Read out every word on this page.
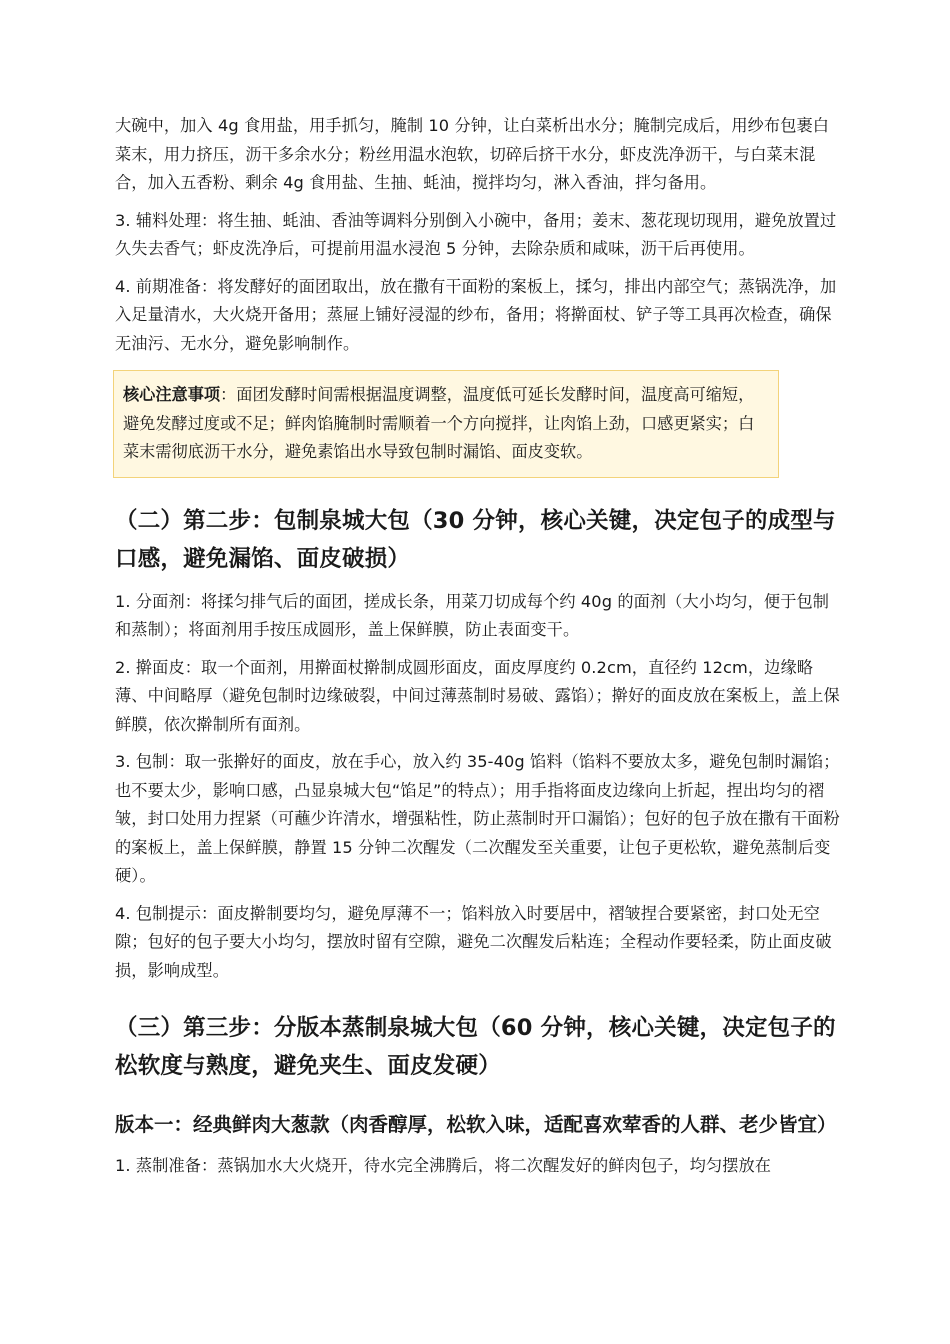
大碗中，加入 4g 食用盐，用手抓匀，腌制 10 分钟，让白菜析出水分；腌制完成后，用纱布包裹白菜末，用力挤压，沥干多余水分；粉丝用温水泡软，切碎后挤干水分，虾皮洗净沥干，与白菜末混合，加入五香粉、剩余 4g 食用盐、生抽、蚝油，搅拌均匀，淋入香油，拌匀备用。

3. 辅料处理：将生抽、蚝油、香油等调料分别倒入小碗中，备用；姜末、葱花现切现用，避免放置过久失去香气；虾皮洗净后，可提前用温水浸泡 5 分钟，去除杂质和咸味，沥干后再使用。

4. 前期准备：将发酵好的面团取出，放在撒有干面粉的案板上，揉匀，排出内部空气；蒸锅洗净，加入足量清水，大火烧开备用；蒸屉上铺好浸湿的纱布，备用；将擀面杖、铲子等工具再次检查，确保无油污、无水分，避免影响制作。

核心注意事项：面团发酵时间需根据温度调整，温度低可延长发酵时间，温度高可缩短，避免发酵过度或不足；鲜肉馅腌制时需顺着一个方向搅拌，让肉馅上劲，口感更紧实；白菜末需彻底沥干水分，避免素馅出水导致包制时漏馅、面皮变软。
（二）第二步：包制泉城大包（30 分钟，核心关键，决定包子的成型与口感，避免漏馅、面皮破损）

1. 分面剂：将揉匀排气后的面团，搓成长条，用菜刀切成每个约 40g 的面剂（大小均匀，便于包制和蒸制）；将面剂用手按压成圆形，盖上保鲜膜，防止表面变干。

2. 擀面皮：取一个面剂，用擀面杖擀制成圆形面皮，面皮厚度约 0.2cm，直径约 12cm，边缘略薄、中间略厚（避免包制时边缘破裂，中间过薄蒸制时易破、露馅）；擀好的面皮放在案板上，盖上保鲜膜，依次擀制所有面剂。

3. 包制：取一张擀好的面皮，放在手心，放入约 35-40g 馅料（馅料不要放太多，避免包制时漏馅；也不要太少，影响口感，凸显泉城大包“馅足”的特点）；用手指将面皮边缘向上折起，捏出均匀的褶皱，封口处用力捏紧（可蘸少许清水，增强粘性，防止蒸制时开口漏馅）；包好的包子放在撒有干面粉的案板上，盖上保鲜膜，静置 15 分钟二次醒发（二次醒发至关重要，让包子更松软，避免蒸制后变硬）。

4. 包制提示：面皮擀制要均匀，避免厚薄不一；馅料放入时要居中，褶皱捏合要紧密，封口处无空隙；包好的包子要大小均匀，摆放时留有空隙，避免二次醒发后粘连；全程动作要轻柔，防止面皮破损，影响成型。

（三）第三步：分版本蒸制泉城大包（60 分钟，核心关键，决定包子的松软度与熟度，避免夹生、面皮发硬）
版本一：经典鲜肉大葱款（肉香醇厚，松软入味，适配喜欢荤香的人群、老少皆宜）

1. 蒸制准备：蒸锅加水大火烧开，待水完全沸腾后，将二次醒发好的鲜肉包子，均匀摆放在
